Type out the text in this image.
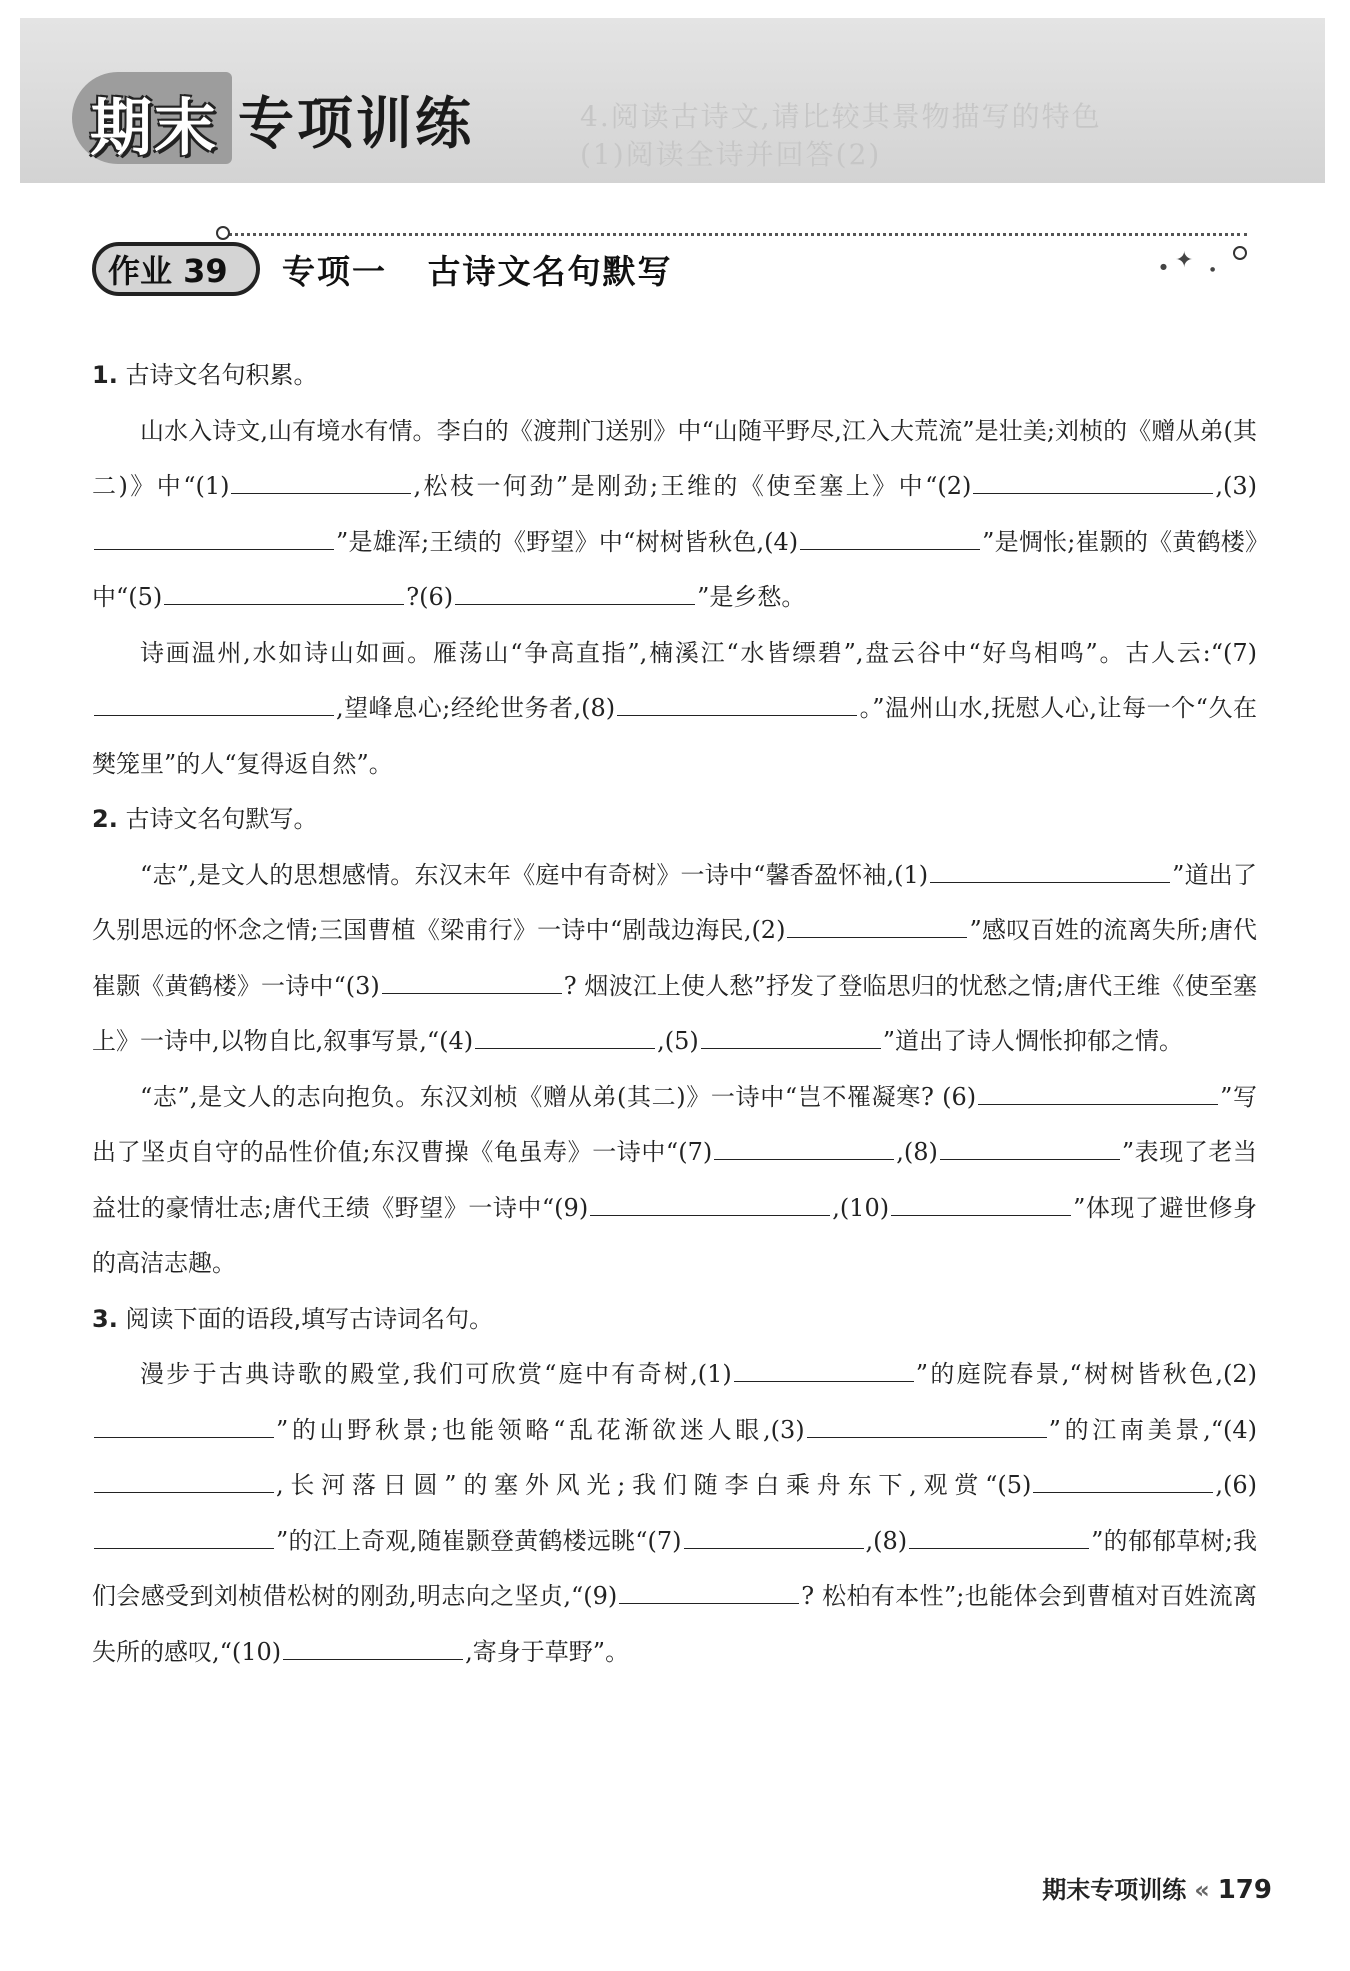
4.阅读古诗文,请比较其景物描写的特色
(1)阅读全诗并回答(2)
期末 专项训练
作业 39 专项一   古诗文名句默写	✦
●	●

1. 古诗文名句积累。

山水入诗文,山有境水有情。李白的《渡荆门送别》中“山随平野尽,江入大荒流”是壮美;刘桢的《赠从弟(其二)》中“(1)	,松枝一何劲”是刚劲;王维的《使至塞上》中“(2)	,(3)”是雄浑;王绩的《野望》中“树树皆秋色,(4)	”是惆怅;崔颢的《黄鹤楼》中“(5)	?(6)	”是乡愁。

诗画温州,水如诗山如画。雁荡山“争高直指”,楠溪江“水皆缥碧”,盘云谷中“好鸟相鸣”。古人云:“(7),望峰息心;经纶世务者,(8)	。”温州山水,抚慰人心,让每一个“久在樊笼里”的人“复得返自然”。

2. 古诗文名句默写。

“志”,是文人的思想感情。东汉末年《庭中有奇树》一诗中“馨香盈怀袖,(1)	”道出了久别思远的怀念之情;三国曹植《梁甫行》一诗中“剧哉边海民,(2)	”感叹百姓的流离失所;唐代崔颢《黄鹤楼》一诗中“(3)	? 烟波江上使人愁”抒发了登临思归的忧愁之情;唐代王维《使至塞上》一诗中,以物自比,叙事写景,“(4)	,(5)	”道出了诗人惆怅抑郁之情。

“志”,是文人的志向抱负。东汉刘桢《赠从弟(其二)》一诗中“岂不罹凝寒? (6)	”写出了坚贞自守的品性价值;东汉曹操《龟虽寿》一诗中“(7)	,(8)	”表现了老当益壮的豪情壮志;唐代王绩《野望》一诗中“(9)	,(10)	”体现了避世修身的高洁志趣。

3. 阅读下面的语段,填写古诗词名句。

漫步于古典诗歌的殿堂,我们可欣赏“庭中有奇树,(1)	”的庭院春景,“树树皆秋色,(2)”的山野秋景;也能领略“乱花渐欲迷人眼,(3)	”的江南美景,“(4),长河落日圆”的塞外风光;我们随李白乘舟东下,观赏“(5)	,(6)”的江上奇观,随崔颢登黄鹤楼远眺“(7)	,(8)	”的郁郁草树;我们会感受到刘桢借松树的刚劲,明志向之坚贞,“(9)	? 松柏有本性”;也能体会到曹植对百姓流离失所的感叹,“(10)	,寄身于草野”。

期末专项训练 « 179
